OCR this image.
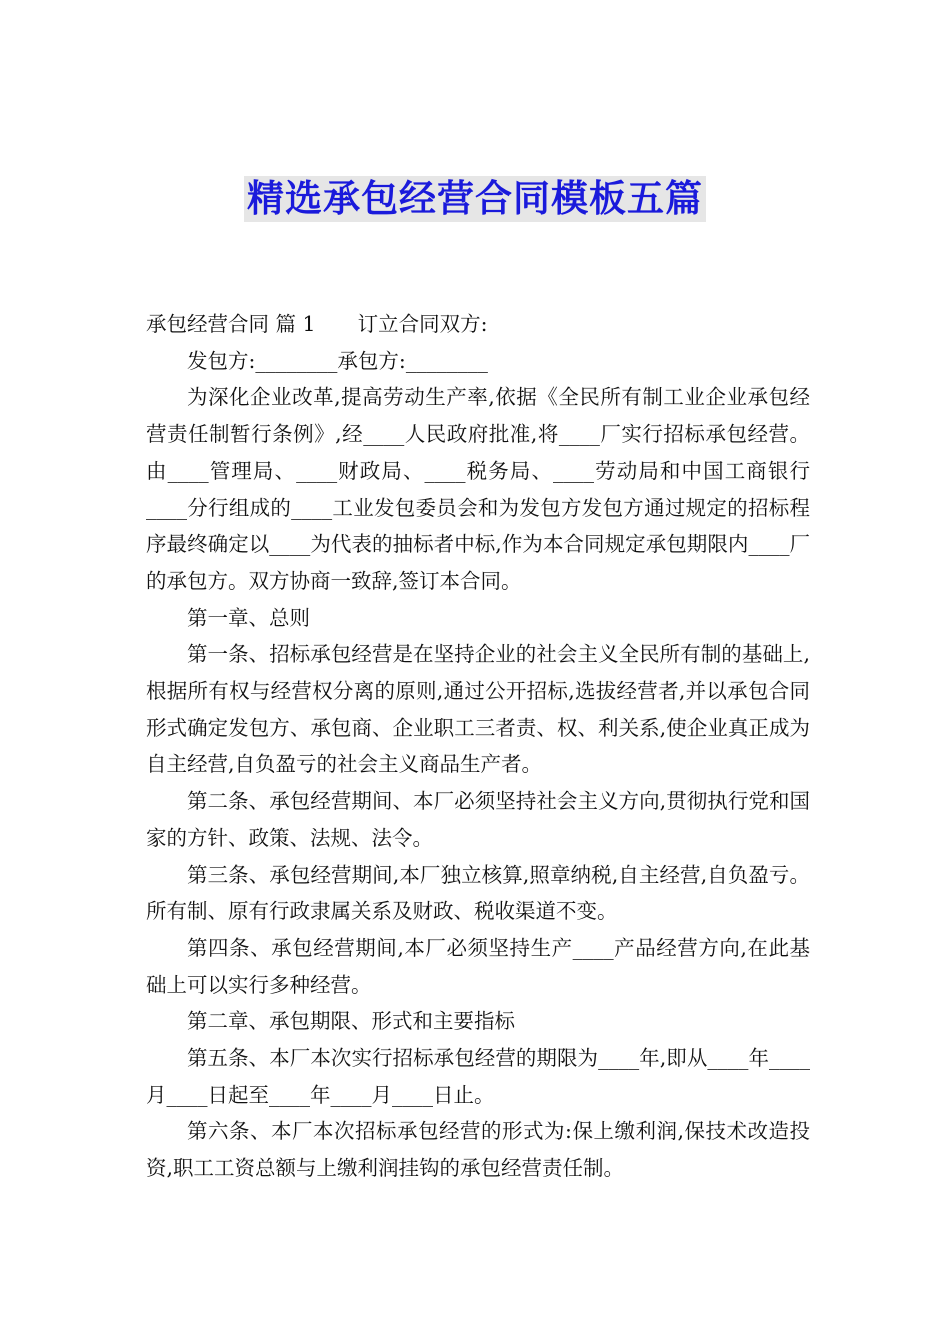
精选承包经营合同模板五篇

承包经营合同 篇 1 订立合同双方:

发包方:________承包方:________

为深化企业改革,提高劳动生产率,依据《全民所有制工业企业承包经营责任制暂行条例》,经____人民政府批准,将____厂实行招标承包经营。由____管理局、____财政局、____税务局、____劳动局和中国工商银行____分行组成的____工业发包委员会和为发包方发包方通过规定的招标程序最终确定以____为代表的抽标者中标,作为本合同规定承包期限内____厂的承包方。双方协商一致辞,签订本合同。

第一章、总则

第一条、招标承包经营是在坚持企业的社会主义全民所有制的基础上,根据所有权与经营权分离的原则,通过公开招标,选拔经营者,并以承包合同形式确定发包方、承包商、企业职工三者责、权、利关系,使企业真正成为自主经营,自负盈亏的社会主义商品生产者。

第二条、承包经营期间、本厂必须坚持社会主义方向,贯彻执行党和国家的方针、政策、法规、法令。

第三条、承包经营期间,本厂独立核算,照章纳税,自主经营,自负盈亏。所有制、原有行政隶属关系及财政、税收渠道不变。

第四条、承包经营期间,本厂必须坚持生产____产品经营方向,在此基础上可以实行多种经营。

第二章、承包期限、形式和主要指标

第五条、本厂本次实行招标承包经营的期限为____年,即从____年____月____日起至____年____月____日止。

第六条、本厂本次招标承包经营的形式为:保上缴利润,保技术改造投资,职工工资总额与上缴利润挂钩的承包经营责任制。
